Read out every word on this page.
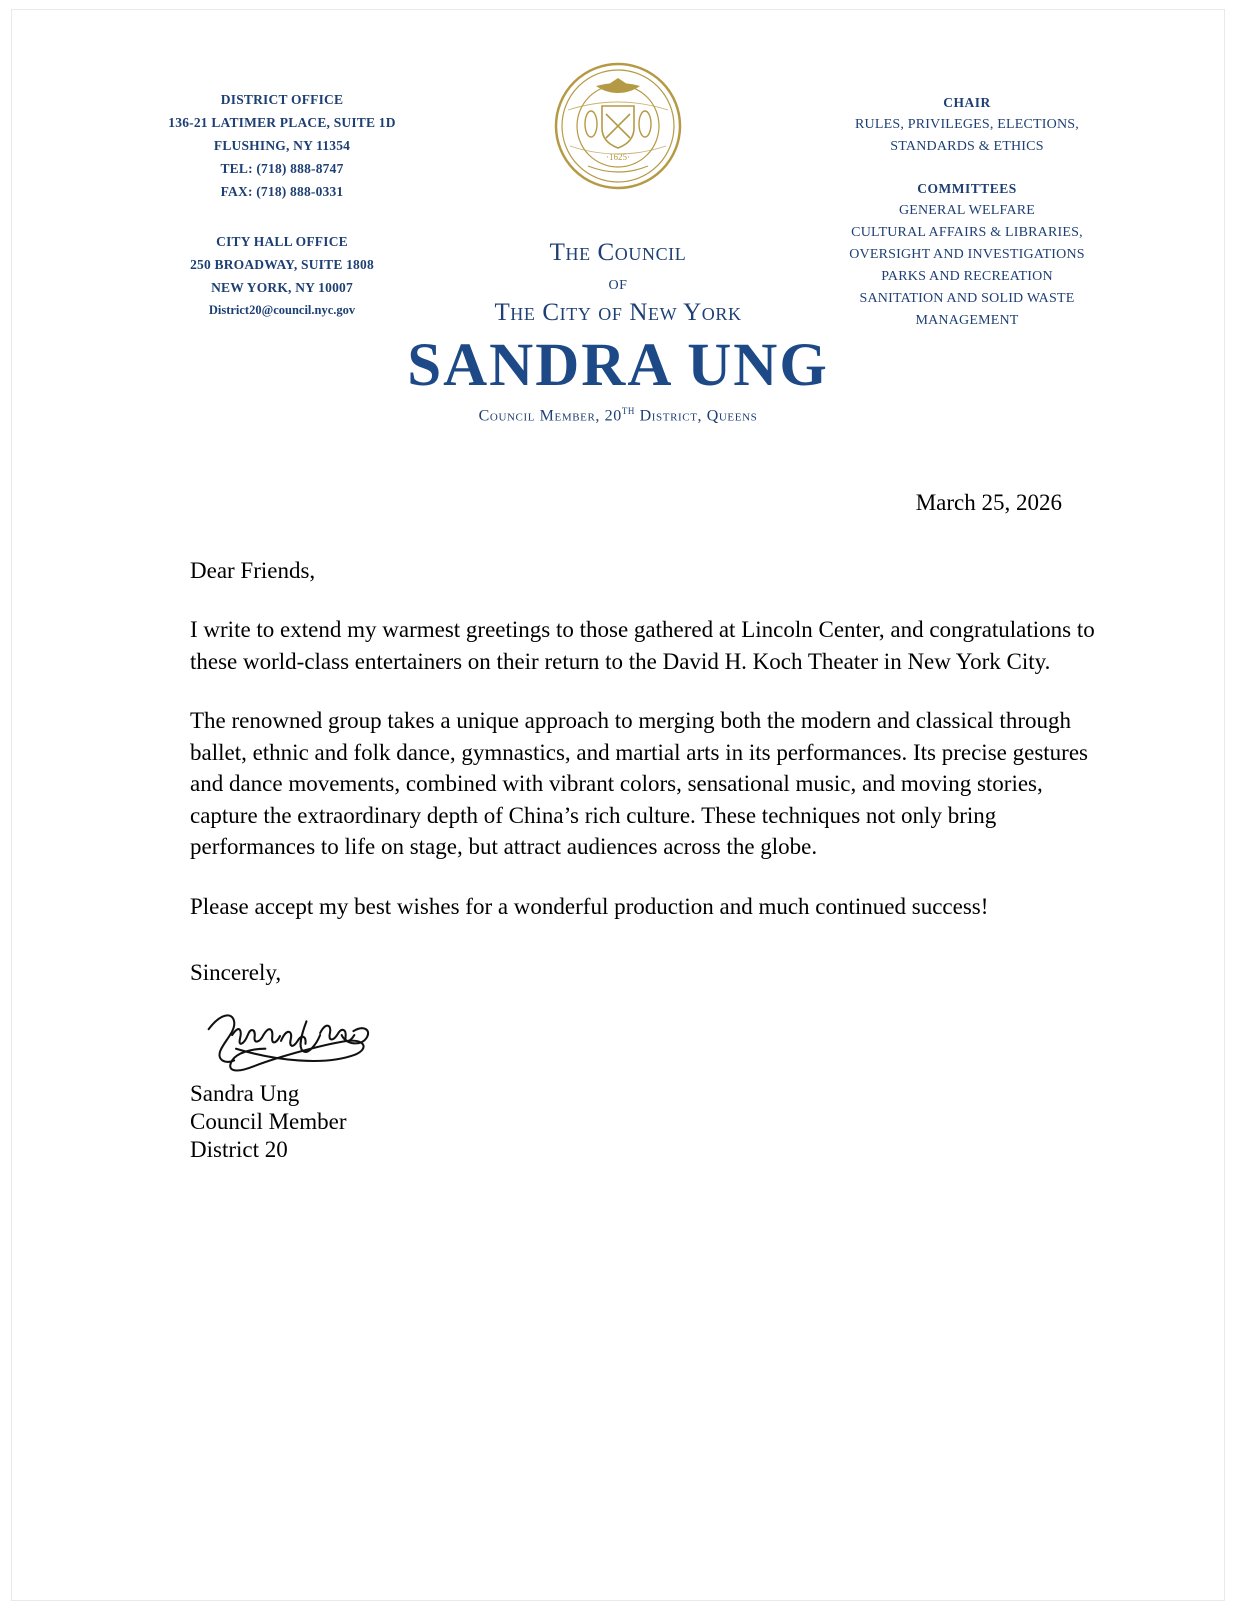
DISTRICT OFFICE
136-21 LATIMER PLACE, SUITE 1D
FLUSHING, NY 11354
TEL: (718) 888-8747
FAX: (718) 888-0331
CITY HALL OFFICE
250 BROADWAY, SUITE 1808
NEW YORK, NY 10007
District20@council.nyc.gov
·1625·
CHAIR
RULES, PRIVILEGES, ELECTIONS,
STANDARDS & ETHICS
COMMITTEES
GENERAL WELFARE
CULTURAL AFFAIRS & LIBRARIES,
OVERSIGHT AND INVESTIGATIONS
PARKS AND RECREATION
SANITATION AND SOLID WASTE
MANAGEMENT
The Council
of
The City of New York
SANDRA UNG
Council Member, 20th District, Queens
March 25, 2026
Dear Friends,
I write to extend my warmest greetings to those gathered at Lincoln Center, and congratulations to these world-class entertainers on their return to the David H. Koch Theater in New York City.
The renowned group takes a unique approach to merging both the modern and classical through ballet, ethnic and folk dance, gymnastics, and martial arts in its performances. Its precise gestures and dance movements, combined with vibrant colors, sensational music, and moving stories, capture the extraordinary depth of China’s rich culture. These techniques not only bring performances to life on stage, but attract audiences across the globe.
Please accept my best wishes for a wonderful production and much continued success!
Sincerely,
Sandra Ung
Council Member
District 20
